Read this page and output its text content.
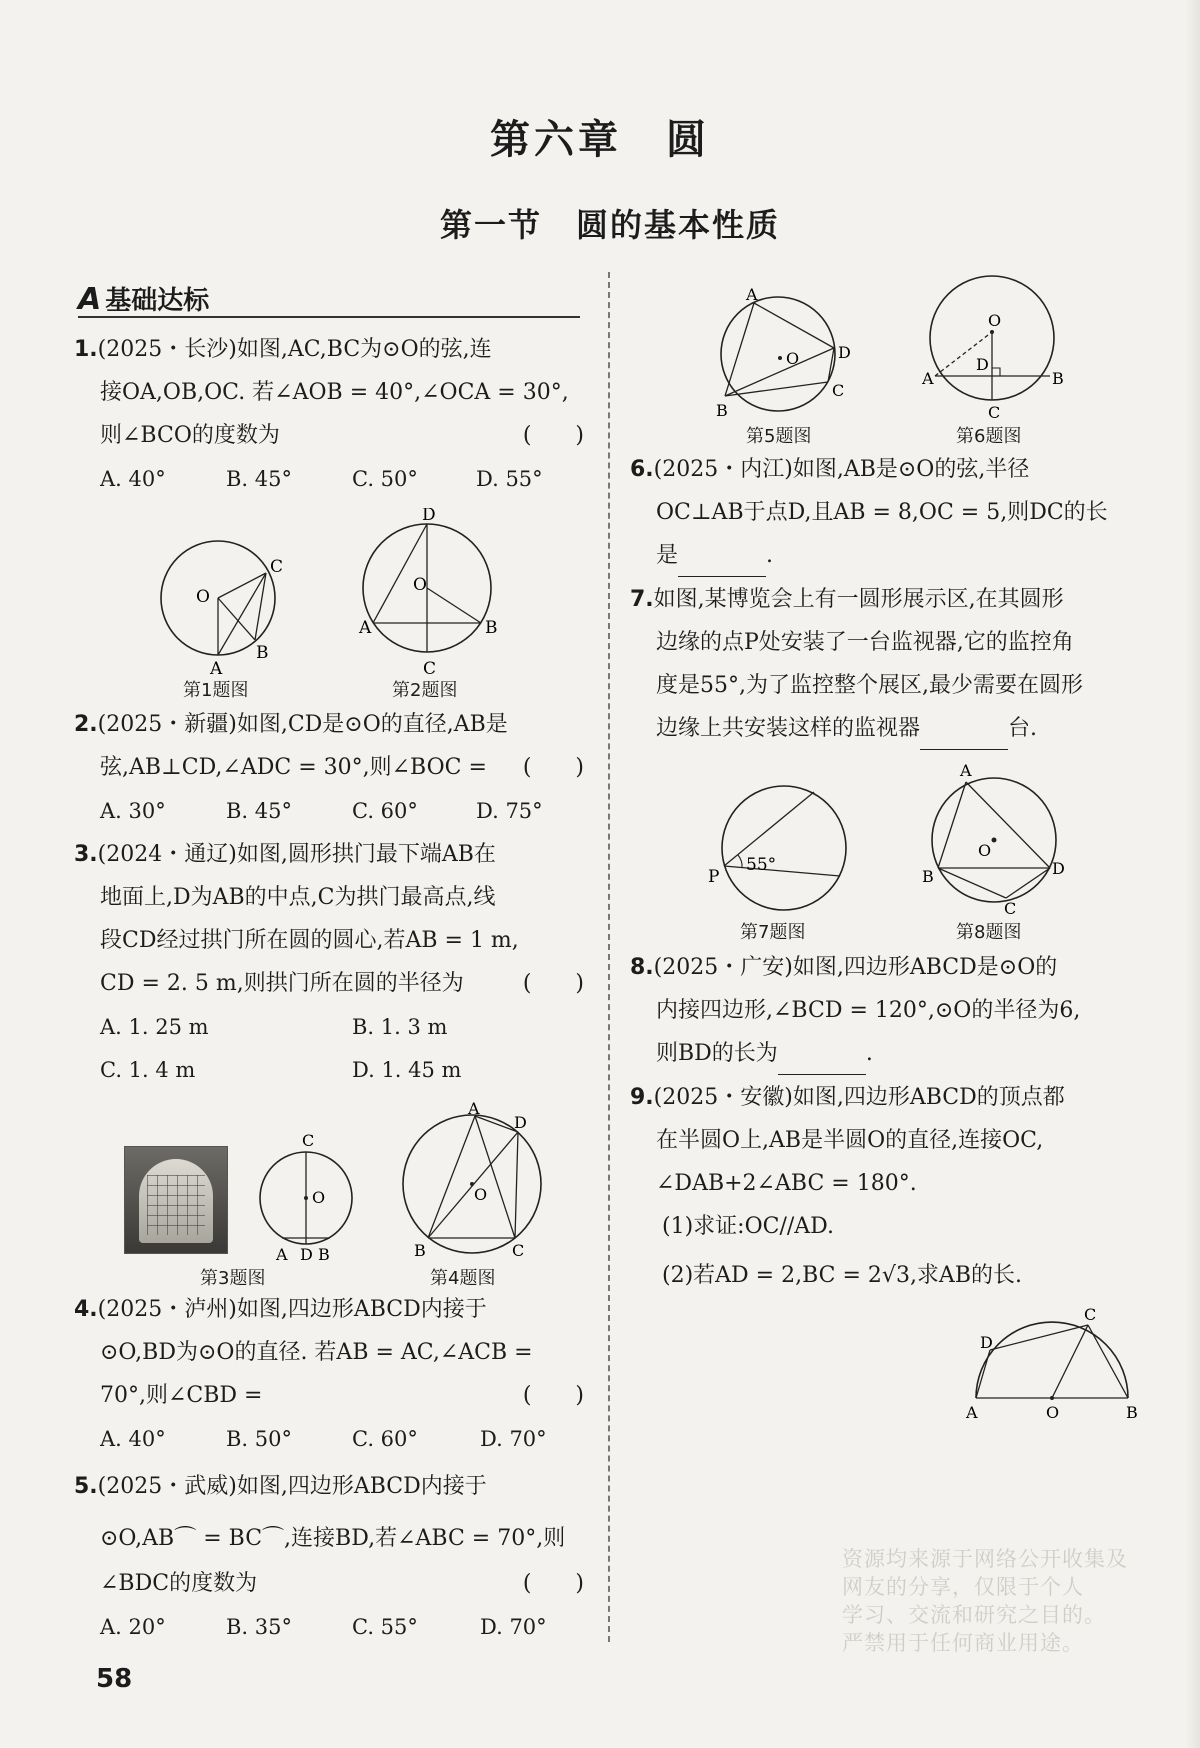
第六章　圆
第一节　圆的基本性质
A 基础达标
1.(2025・长沙)如图,AC,BC为⊙O的弦,连
接OA,OB,OC. 若∠AOB = 40°,∠OCA = 30°,
则∠BCO的度数为	(　　)
A. 40°	B. 45°	C. 50°	D. 55°
O
C
B
A
第1题图
D
O
A	B
C
第2题图
2.(2025・新疆)如图,CD是⊙O的直径,AB是
弦,AB⊥CD,∠ADC = 30°,则∠BOC = (　　)
A. 30°	B. 45°	C. 60°	D. 75°
3.(2024・通辽)如图,圆形拱门最下端AB在
地面上,D为AB的中点,C为拱门最高点,线
段CD经过拱门所在圆的圆心,若AB = 1 m,
CD = 2. 5 m,则拱门所在圆的半径为	(　　)
A. 1. 25 m	B. 1. 3 m
C. 1. 4 m	D. 1. 45 m
C
O
A D B
第3题图
A
D
O
B	C
第4题图
4.(2025・泸州)如图,四边形ABCD内接于
⊙O,BD为⊙O的直径. 若AB = AC,∠ACB =
70°,则∠CBD =	(　　)
A. 40°	B. 50°	C. 60°	D. 70°
5.(2025・武威)如图,四边形ABCD内接于
⊙O,AB⌒ = BC⌒,连接BD,若∠ABC = 70°,则
∠BDC的度数为	(　　)
A. 20°	B. 35°	C. 55°	D. 70°
A
O D
C
B
第5题图
O
D
A	B
C
第6题图
6.(2025・内江)如图,AB是⊙O的弦,半径
OC⊥AB于点D,且AB = 8,OC = 5,则DC的长
是	.
7.如图,某博览会上有一圆形展示区,在其圆形
边缘的点P处安装了一台监视器,它的监控角
度是55°,为了监控整个展区,最少需要在圆形
边缘上共安装这样的监视器	台.
P
55°
第7题图
A
O
B	D
C
第8题图
8.(2025・广安)如图,四边形ABCD是⊙O的
内接四边形,∠BCD = 120°,⊙O的半径为6,
则BD的长为	.
9.(2025・安徽)如图,四边形ABCD的顶点都
在半圆O上,AB是半圆O的直径,连接OC,
∠DAB+2∠ABC = 180°.
(1)求证:OC//AD.
(2)若AD = 2,BC = 2√3,求AB的长.
D
C
A	O	B
资源均来源于网络公开收集及
网友的分享，仅限于个人
学习、交流和研究之目的。
严禁用于任何商业用途。
58
